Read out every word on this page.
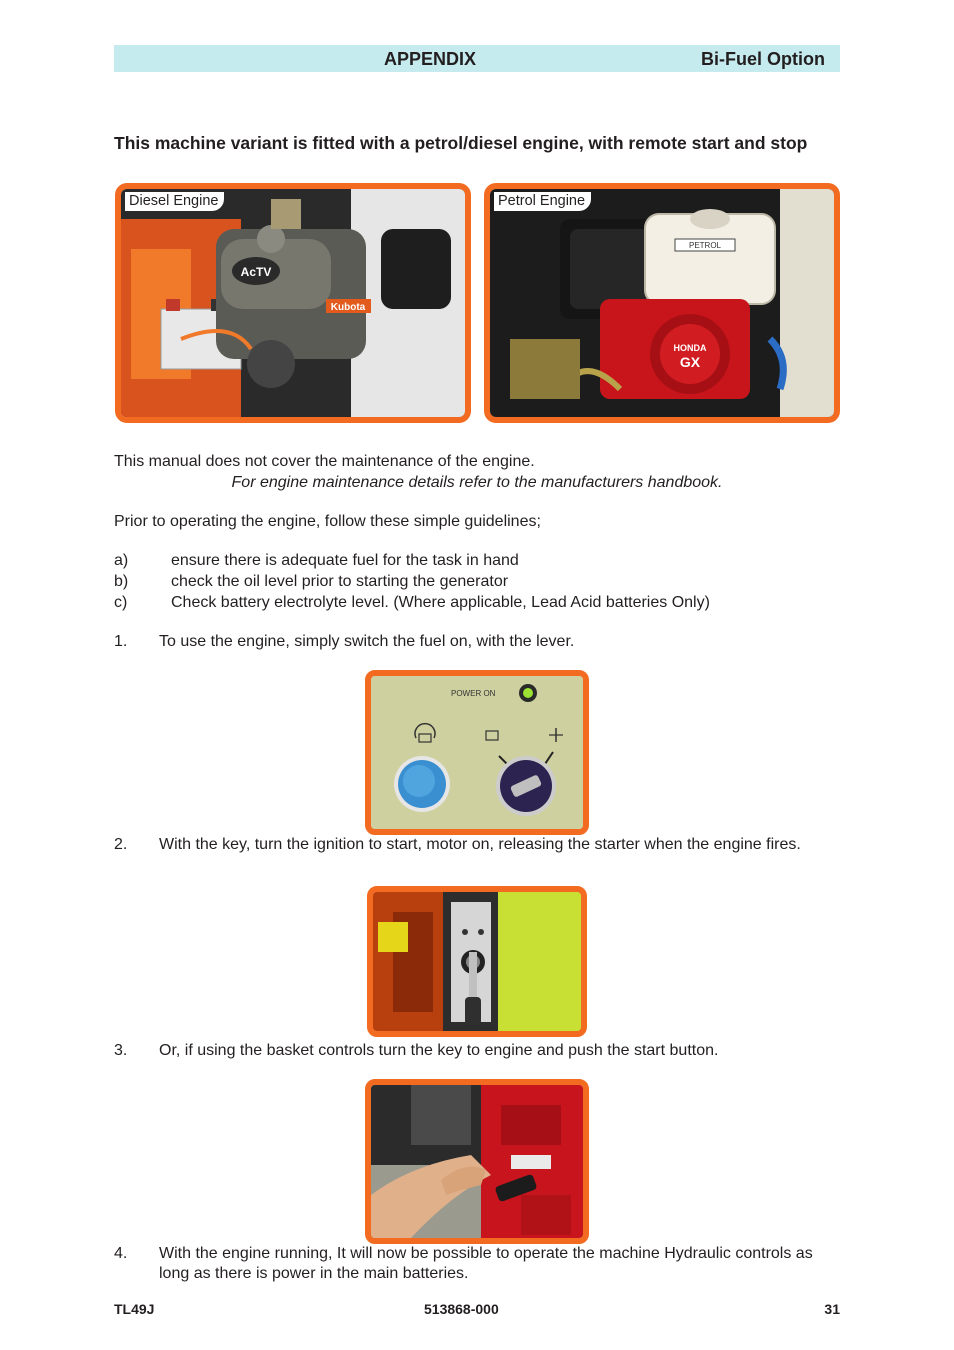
APPENDIX	Bi-Fuel Option
This machine variant is fitted with a petrol/diesel engine, with remote start and stop
Diesel Engine
AcTV
Kubota
Petrol Engine
PETROL
HONDA
GX
This manual does not cover the maintenance of the engine.
For engine maintenance details refer to the manufacturers handbook.
Prior to operating the engine, follow these simple guidelines;
a)	ensure there is adequate fuel for the task in hand
b)	check the oil level prior to starting the generator
c)	Check battery electrolyte level. (Where applicable, Lead Acid batteries Only)
1. To use the engine, simply switch the fuel on, with the lever.
POWER ON
2. With the key, turn the ignition to start, motor on, releasing the starter when the engine fires.
3. Or, if using the basket controls turn the key to engine and push the start button.
4. With the engine running, It will now be possible to operate the machine Hydraulic controls as long as there is power in the main batteries.
TL49J	513868-000	31
